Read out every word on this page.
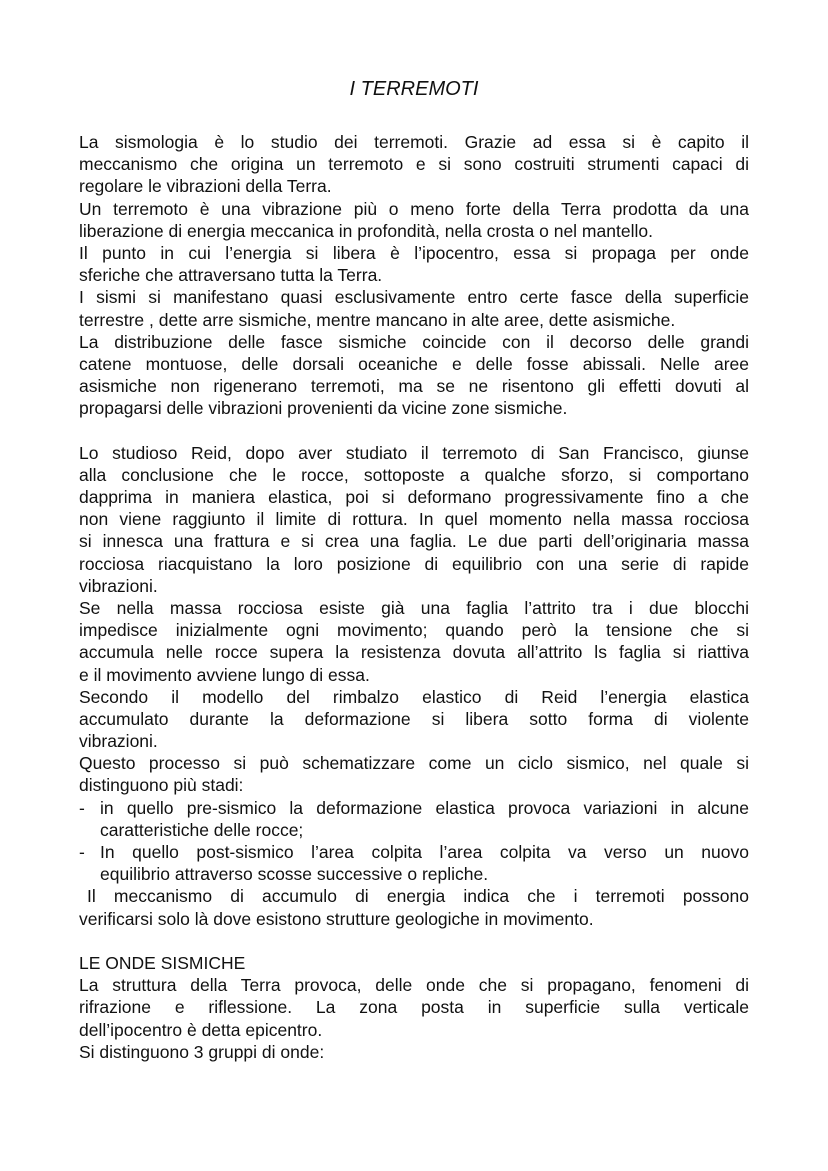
I TERREMOTI
La sismologia è lo studio dei terremoti. Grazie ad essa si è capito il
meccanismo che origina un terremoto e si sono costruiti strumenti capaci di
regolare le vibrazioni della Terra.
Un terremoto è una vibrazione più o meno forte della Terra prodotta da una
liberazione di energia meccanica in profondità, nella crosta o nel mantello.
Il punto in cui l’energia si libera è l’ipocentro, essa si propaga per onde
sferiche che attraversano tutta la Terra.
I sismi si manifestano quasi esclusivamente entro certe fasce della superficie
terrestre , dette arre sismiche, mentre mancano in alte aree, dette asismiche.
La distribuzione delle fasce sismiche coincide con il decorso delle grandi
catene montuose, delle dorsali oceaniche e delle fosse abissali. Nelle aree
asismiche non rigenerano terremoti, ma se ne risentono gli effetti dovuti al
propagarsi delle vibrazioni provenienti da vicine zone sismiche.
Lo studioso Reid, dopo aver studiato il terremoto di San Francisco, giunse
alla conclusione che le rocce, sottoposte a qualche sforzo, si comportano
dapprima in maniera elastica, poi si deformano progressivamente fino a che
non viene raggiunto il limite di rottura. In quel momento nella massa rocciosa
si innesca una frattura e si crea una faglia. Le due parti dell’originaria massa
rocciosa riacquistano la loro posizione di equilibrio con una serie di rapide
vibrazioni.
Se nella massa rocciosa esiste già una faglia l’attrito tra i due blocchi
impedisce inizialmente ogni movimento; quando però la tensione che si
accumula nelle rocce supera la resistenza dovuta all’attrito ls faglia si riattiva
e il movimento avviene lungo di essa.
Secondo il modello del rimbalzo elastico di Reid l’energia elastica
accumulato durante la deformazione si libera sotto forma di violente
vibrazioni.
Questo processo si può schematizzare come un ciclo sismico, nel quale si
distinguono più stadi:
- in quello pre-sismico la deformazione elastica provoca variazioni in alcune
caratteristiche delle rocce;
- In quello post-sismico l’area colpita l’area colpita va verso un nuovo
equilibrio attraverso scosse successive o repliche.
Il meccanismo di accumulo di energia indica che i terremoti possono
verificarsi solo là dove esistono strutture geologiche in movimento.
LE ONDE SISMICHE
La struttura della Terra provoca, delle onde che si propagano, fenomeni di
rifrazione e riflessione. La zona posta in superficie sulla verticale
dell’ipocentro è detta epicentro.
Si distinguono 3 gruppi di onde:
